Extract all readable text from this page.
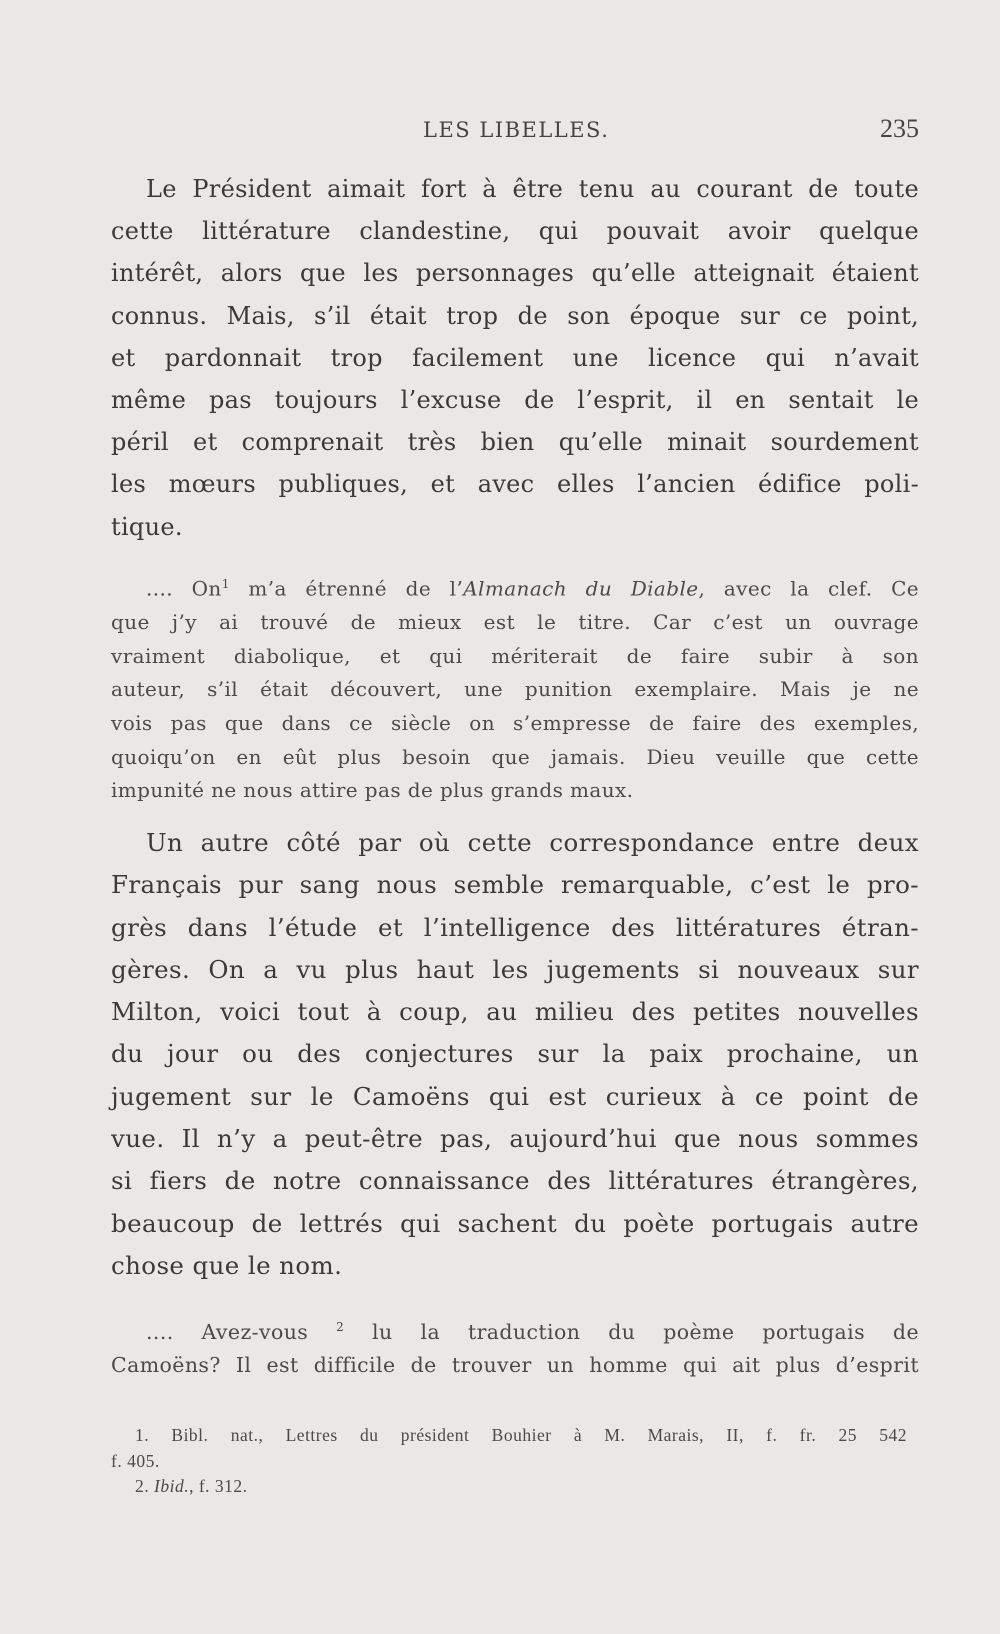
LES LIBELLES.	235
Le Président aimait fort à être tenu au courant de toute
cette littérature clandestine, qui pouvait avoir quelque
intérêt, alors que les personnages qu’elle atteignait étaient
connus. Mais, s’il était trop de son époque sur ce point,
et pardonnait trop facilement une licence qui n’avait
même pas toujours l’excuse de l’esprit, il en sentait le
péril et comprenait très bien qu’elle minait sourdement
les mœurs publiques, et avec elles l’ancien édifice poli-
tique.
.... On$^1$ m’a étrenné de l’Almanach du Diable, avec la clef. Ce
que j’y ai trouvé de mieux est le titre. Car c’est un ouvrage
vraiment diabolique, et qui mériterait de faire subir à son
auteur, s’il était découvert, une punition exemplaire. Mais je ne
vois pas que dans ce siècle on s’empresse de faire des exemples,
quoiqu’on en eût plus besoin que jamais. Dieu veuille que cette
impunité ne nous attire pas de plus grands maux.
Un autre côté par où cette correspondance entre deux
Français pur sang nous semble remarquable, c’est le pro-
grès dans l’étude et l’intelligence des littératures étran-
gères. On a vu plus haut les jugements si nouveaux sur
Milton, voici tout à coup, au milieu des petites nouvelles
du jour ou des conjectures sur la paix prochaine, un
jugement sur le Camoëns qui est curieux à ce point de
vue. Il n’y a peut-être pas, aujourd’hui que nous sommes
si fiers de notre connaissance des littératures étrangères,
beaucoup de lettrés qui sachent du poète portugais autre
chose que le nom.
.... Avez-vous $^2$ lu la traduction du poème portugais de
Camoëns? Il est difficile de trouver un homme qui ait plus d’esprit
1. Bibl. nat., Lettres du président Bouhier à M. Marais, II, f. fr. 25 542
f. 405.
2. Ibid., f. 312.
